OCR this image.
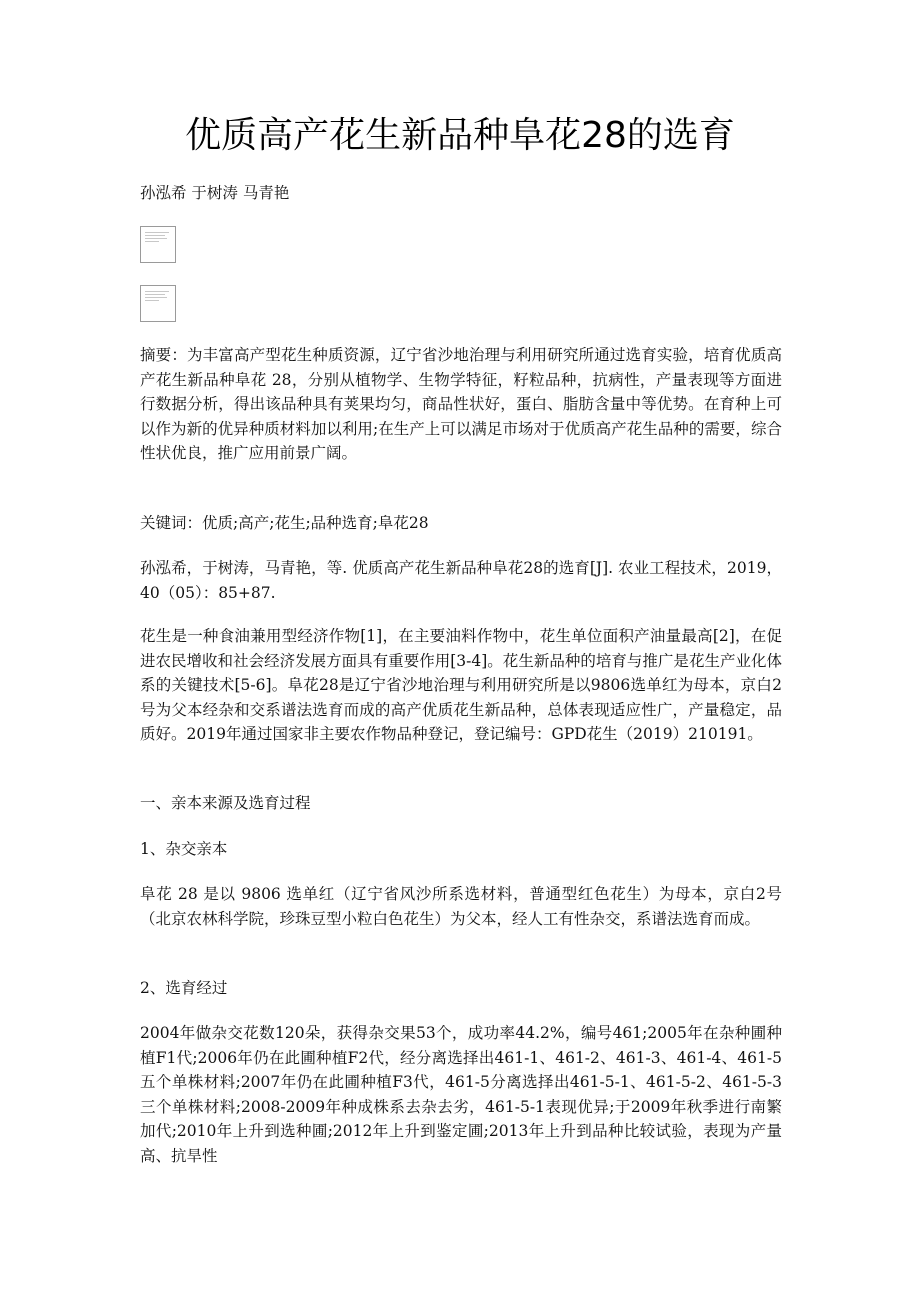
优质高产花生新品种阜花28的选育
孙泓希 于树涛 马青艳

摘要：为丰富高产型花生种质资源，辽宁省沙地治理与利用研究所通过选育实验，培育优质高产花生新品种阜花 28，分别从植物学、生物学特征，籽粒品种，抗病性，产量表现等方面进行数据分析，得出该品种具有荚果均匀，商品性状好，蛋白、脂肪含量中等优势。在育种上可以作为新的优异种质材料加以利用;在生产上可以满足市场对于优质高产花生品种的需要，综合性状优良，推广应用前景广阔。

关键词：优质;高产;花生;品种选育;阜花28

孙泓希，于树涛，马青艳，等. 优质高产花生新品种阜花28的选育[J]. 农业工程技术，2019，40（05）：85+87.

花生是一种食油兼用型经济作物[1]，在主要油料作物中，花生单位面积产油量最高[2]，在促进农民增收和社会经济发展方面具有重要作用[3-4]。花生新品种的培育与推广是花生产业化体系的关键技术[5-6]。阜花28是辽宁省沙地治理与利用研究所是以9806选单红为母本，京白2号为父本经杂和交系谱法选育而成的高产优质花生新品种，总体表现适应性广，产量稳定，品质好。2019年通过国家非主要农作物品种登记，登记编号：GPD花生（2019）210191。

一、亲本来源及选育过程
1、杂交亲本

阜花 28 是以 9806 选单红（辽宁省风沙所系选材料，普通型红色花生）为母本，京白2号（北京农林科学院，珍珠豆型小粒白色花生）为父本，经人工有性杂交，系谱法选育而成。

2、选育经过

2004年做杂交花数120朵，获得杂交果53个，成功率44.2%，编号461;2005年在杂种圃种植F1代;2006年仍在此圃种植F2代，经分离选择出461-1、461-2、461-3、461-4、461-5五个单株材料;2007年仍在此圃种植F3代，461-5分离选择出461-5-1、461-5-2、461-5-3三个单株材料;2008-2009年种成株系去杂去劣，461-5-1表现优异;于2009年秋季进行南繁加代;2010年上升到选种圃;2012年上升到鉴定圃;2013年上升到品种比较试验，表现为产量高、抗旱性
